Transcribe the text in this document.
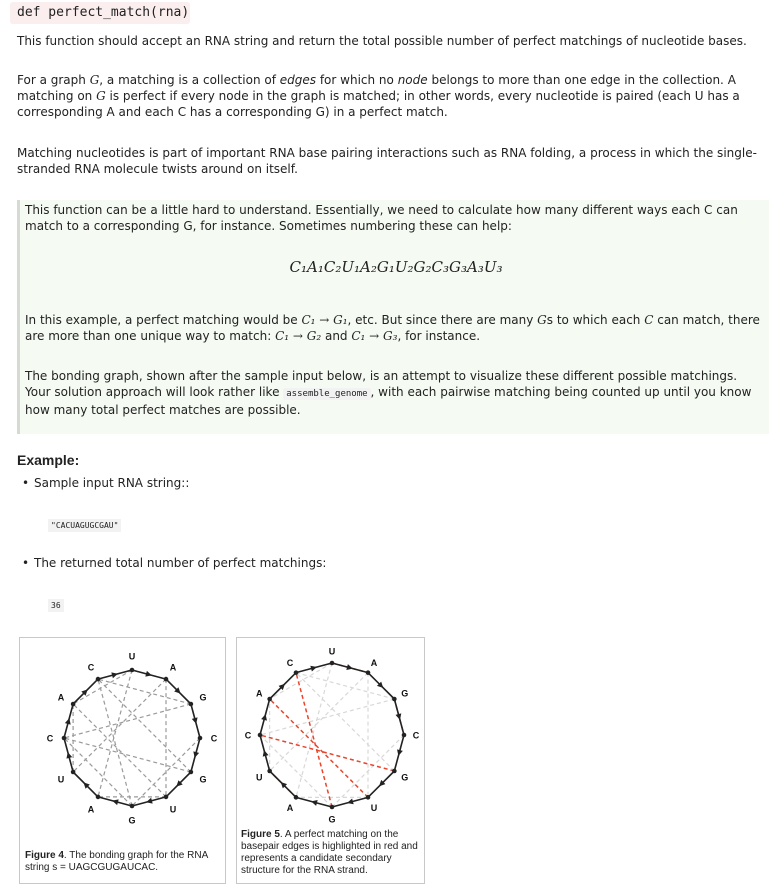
def perfect_match(rna)
This function should accept an RNA string and return the total possible number of perfect matchings of nucleotide bases.
For a graph G, a matching is a collection of edges for which no node belongs to more than one edge in the collection. A matching on G is perfect if every node in the graph is matched; in other words, every nucleotide is paired (each U has a corresponding A and each C has a corresponding G) in a perfect match.
Matching nucleotides is part of important RNA base pairing interactions such as RNA folding, a process in which the single-stranded RNA molecule twists around on itself.
This function can be a little hard to understand. Essentially, we need to calculate how many different ways each C can match to a corresponding G, for instance. Sometimes numbering these can help:
C₁A₁C₂U₁A₂G₁U₂G₂C₃G₃A₃U₃
In this example, a perfect matching would be C₁ → G₁, etc. But since there are many Gs to which each C can match, there are more than one unique way to match: C₁ → G₂ and C₁ → G₃, for instance.
The bonding graph, shown after the sample input below, is an attempt to visualize these different possible matchings. Your solution approach will look rather like assemble_genome , with each pairwise matching being counted up until you know how many total perfect matches are possible.
Example:
• Sample input RNA string::
"CACUAGUGCGAU"
• The returned total number of perfect matchings:
36
U
A
G
C
G
U
G
A
U
C
A
C
Figure 4. The bonding graph for the RNA string s = UAGCGUGAUCAC.
U
A
G
C
G
U
G
A
U
C
A
C
Figure 5. A perfect matching on the basepair edges is highlighted in red and represents a candidate secondary structure for the RNA strand.
